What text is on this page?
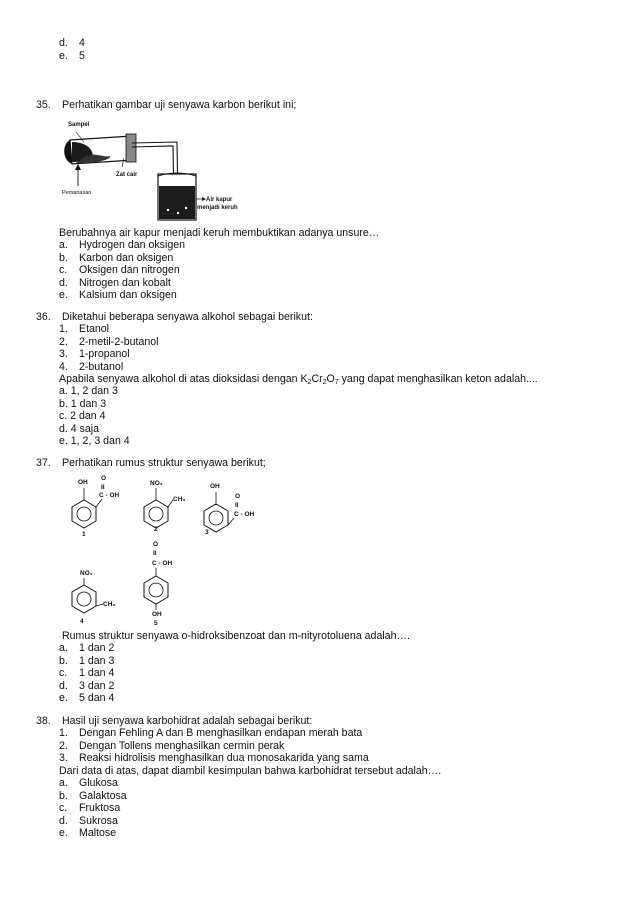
d. 4
e. 5
35. Perhatikan gambar uji senyawa karbon berikut ini;
Sampel
Zat cair
Pemanasan
Air kapur
menjadi keruh
Berubahnya air kapur menjadi keruh membuktikan adanya unsure…
a. Hydrogen dan oksigen
b. Karbon dan oksigen
c. Oksigen dan nitrogen
d. Nitrogen dan kobalt
e. Kalsium dan oksigen
36. Diketahui beberapa senyawa alkohol sebagai berikut:
1. Etanol
2. 2-metil-2-butanol
3. 1-propanol
4. 2-butanol
Apabila senyawa alkohol di atas dioksidasi dengan $K_2Cr_2O_7$ yang dapat menghasilkan keton adalah....
a. 1, 2 dan 3
b. 1 dan 3
c. 2 dan 4
d. 4 saja
e. 1, 2, 3 dan 4
37. Perhatikan rumus struktur senyawa berikut;
OH
O
II
C - OH
1
NO₂
CH₃
2
OH
O
II
C - OH
3
O
II
C - OH
OH
5
NO₂
CH₃
4
Rumus struktur senyawa o-hidroksibenzoat dan m-nityrotoluena adalah….
a. 1 dan 2
b. 1 dan 3
c. 1 dan 4
d. 3 dan 2
e. 5 dan 4
38. Hasil uji senyawa karbohidrat adalah sebagai berikut:
1. Dengan Fehling A dan B menghasilkan endapan merah bata
2. Dengan Tollens menghasilkan cermin perak
3. Reaksi hidrolisis menghasilkan dua monosakarida yang sama
Dari data di atas, dapat diambil kesimpulan bahwa karbohidrat tersebut adalah….
a. Glukosa
b. Galaktosa
c. Fruktosa
d. Sukrosa
e. Maltose
